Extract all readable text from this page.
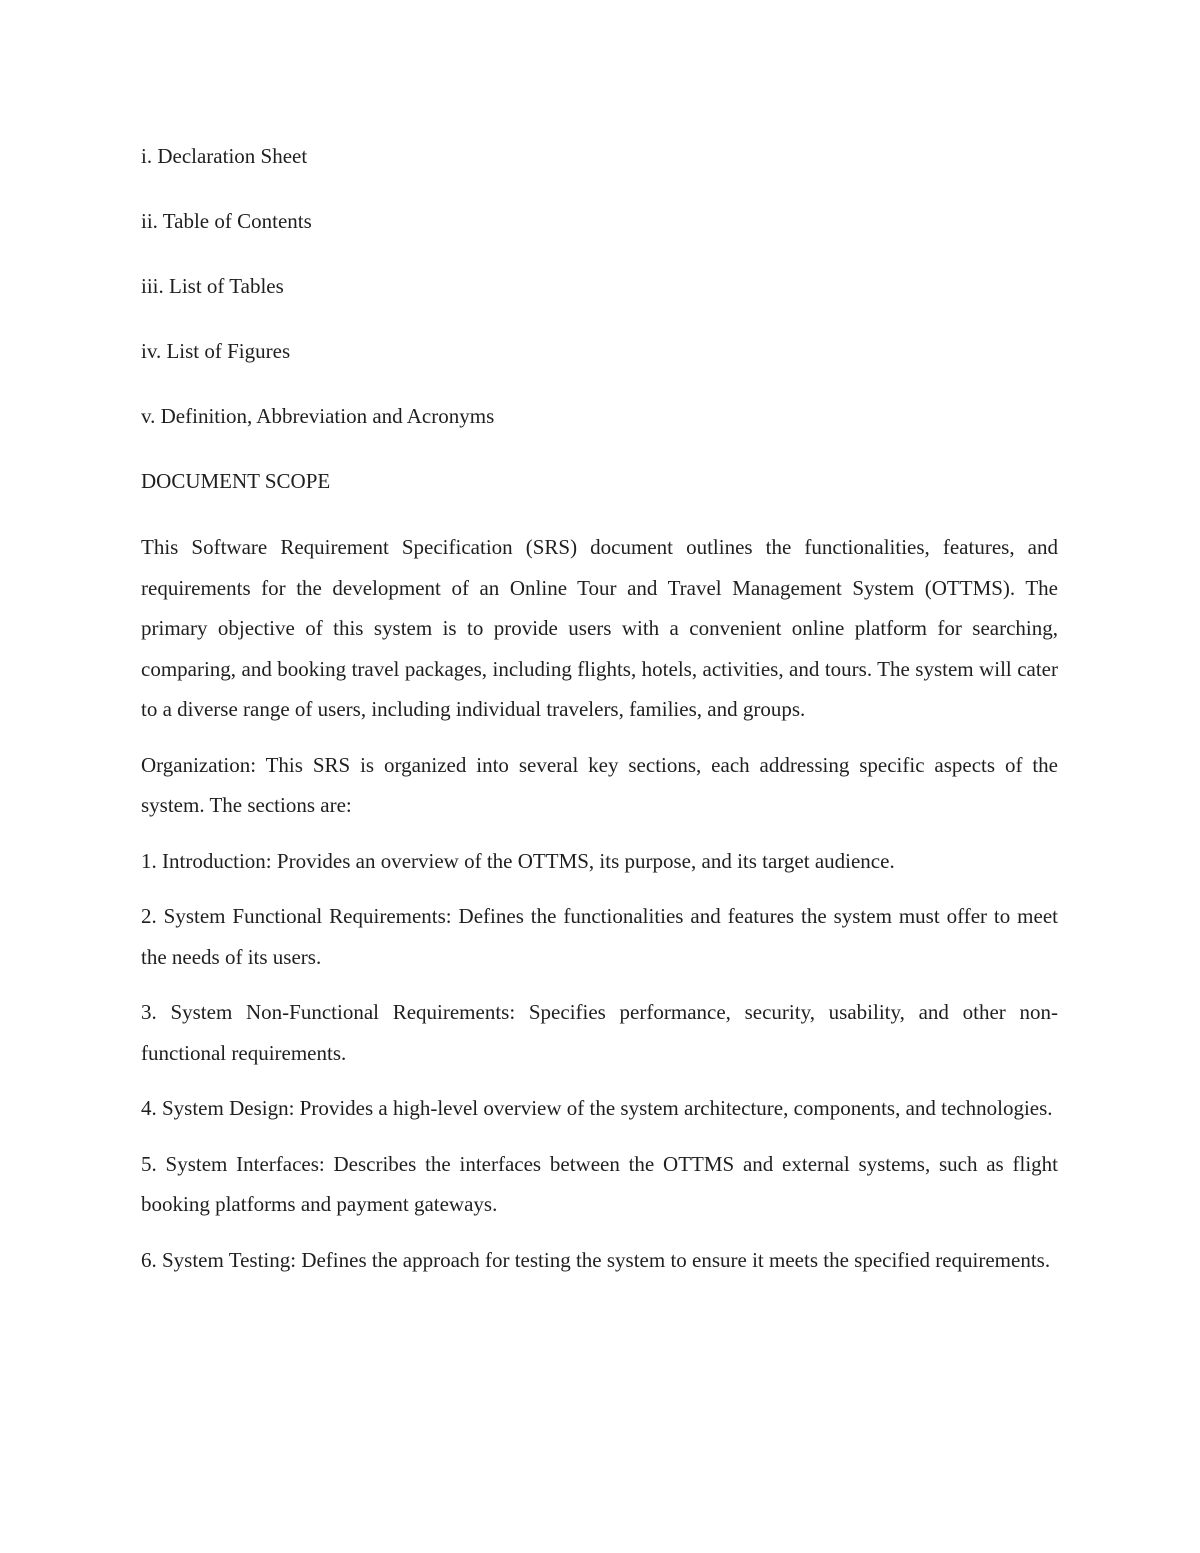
i. Declaration Sheet
ii. Table of Contents
iii. List of Tables
iv. List of Figures
v. Definition, Abbreviation and Acronyms
DOCUMENT SCOPE

This Software Requirement Specification (SRS) document outlines the functionalities, features, and requirements for the development of an Online Tour and Travel Management System (OTTMS). The primary objective of this system is to provide users with a convenient online platform for searching, comparing, and booking travel packages, including flights, hotels, activities, and tours. The system will cater to a diverse range of users, including individual travelers, families, and groups.

Organization: This SRS is organized into several key sections, each addressing specific aspects of the system. The sections are:

1. Introduction: Provides an overview of the OTTMS, its purpose, and its target audience.

2. System Functional Requirements: Defines the functionalities and features the system must offer to meet the needs of its users.

3. System Non-Functional Requirements: Specifies performance, security, usability, and other non-functional requirements.

4. System Design: Provides a high-level overview of the system architecture, components, and technologies.

5. System Interfaces: Describes the interfaces between the OTTMS and external systems, such as flight booking platforms and payment gateways.

6. System Testing: Defines the approach for testing the system to ensure it meets the specified requirements.
